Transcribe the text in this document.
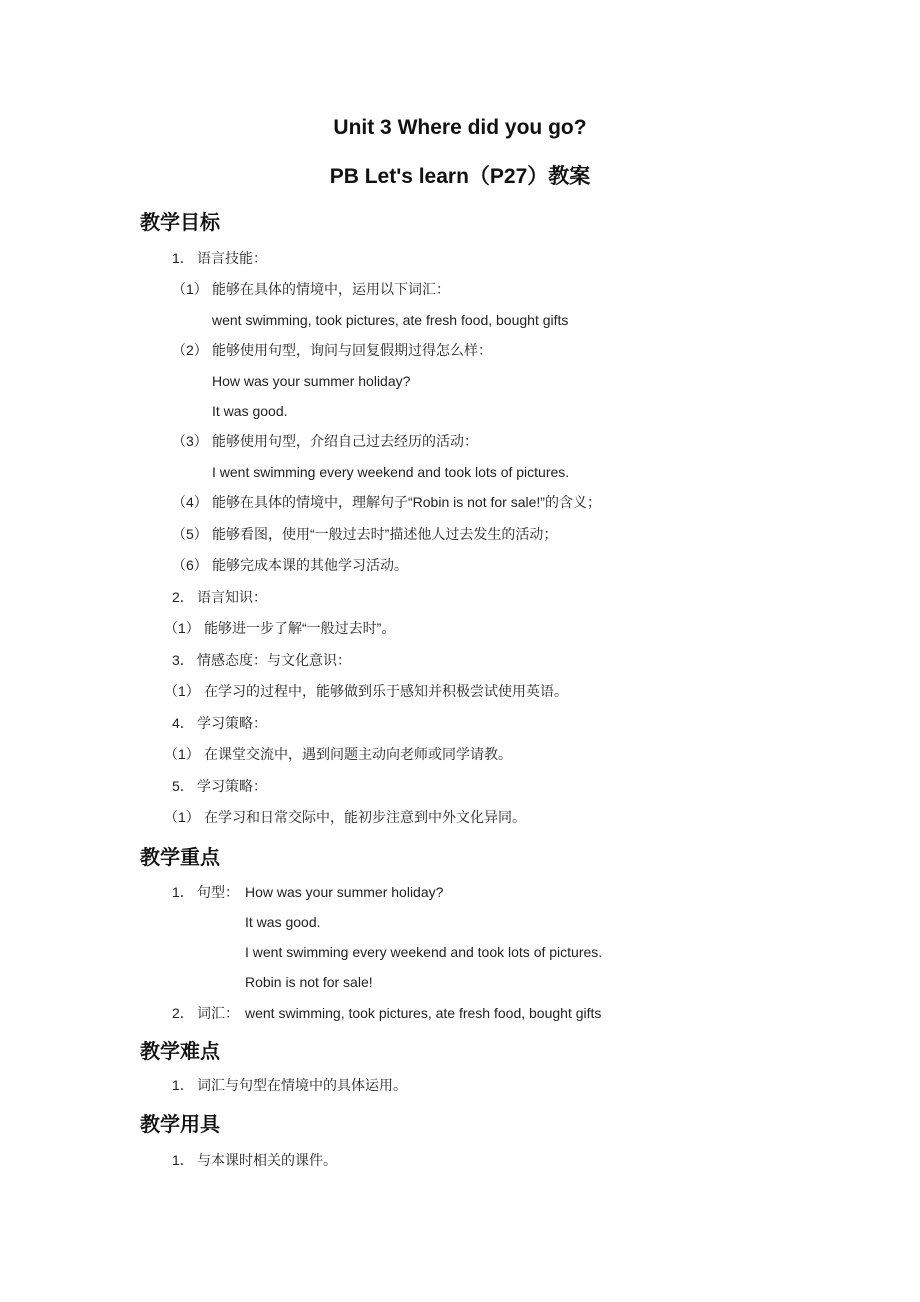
Unit 3 Where did you go?
PB Let's learn（P27）教案
教学目标
1． 语言技能：
（1） 能够在具体的情境中，运用以下词汇：
went swimming, took pictures, ate fresh food, bought gifts
（2） 能够使用句型，询问与回复假期过得怎么样：
How was your summer holiday?
It was good.
（3） 能够使用句型，介绍自己过去经历的活动：
I went swimming every weekend and took lots of pictures.
（4） 能够在具体的情境中，理解句子“Robin is not for sale!”的含义；
（5） 能够看图，使用“一般过去时”描述他人过去发生的活动；
（6） 能够完成本课的其他学习活动。
2． 语言知识：
（1） 能够进一步了解“一般过去时”。
3． 情感态度：与文化意识：
（1） 在学习的过程中，能够做到乐于感知并积极尝试使用英语。
4． 学习策略：
（1） 在课堂交流中，遇到问题主动向老师或同学请教。
5． 学习策略：
（1） 在学习和日常交际中，能初步注意到中外文化异同。
教学重点
1． 句型： How was your summer holiday?
It was good.
I went swimming every weekend and took lots of pictures.
Robin is not for sale!
2． 词汇： went swimming, took pictures, ate fresh food, bought gifts
教学难点
1． 词汇与句型在情境中的具体运用。
教学用具
1． 与本课时相关的课件。
